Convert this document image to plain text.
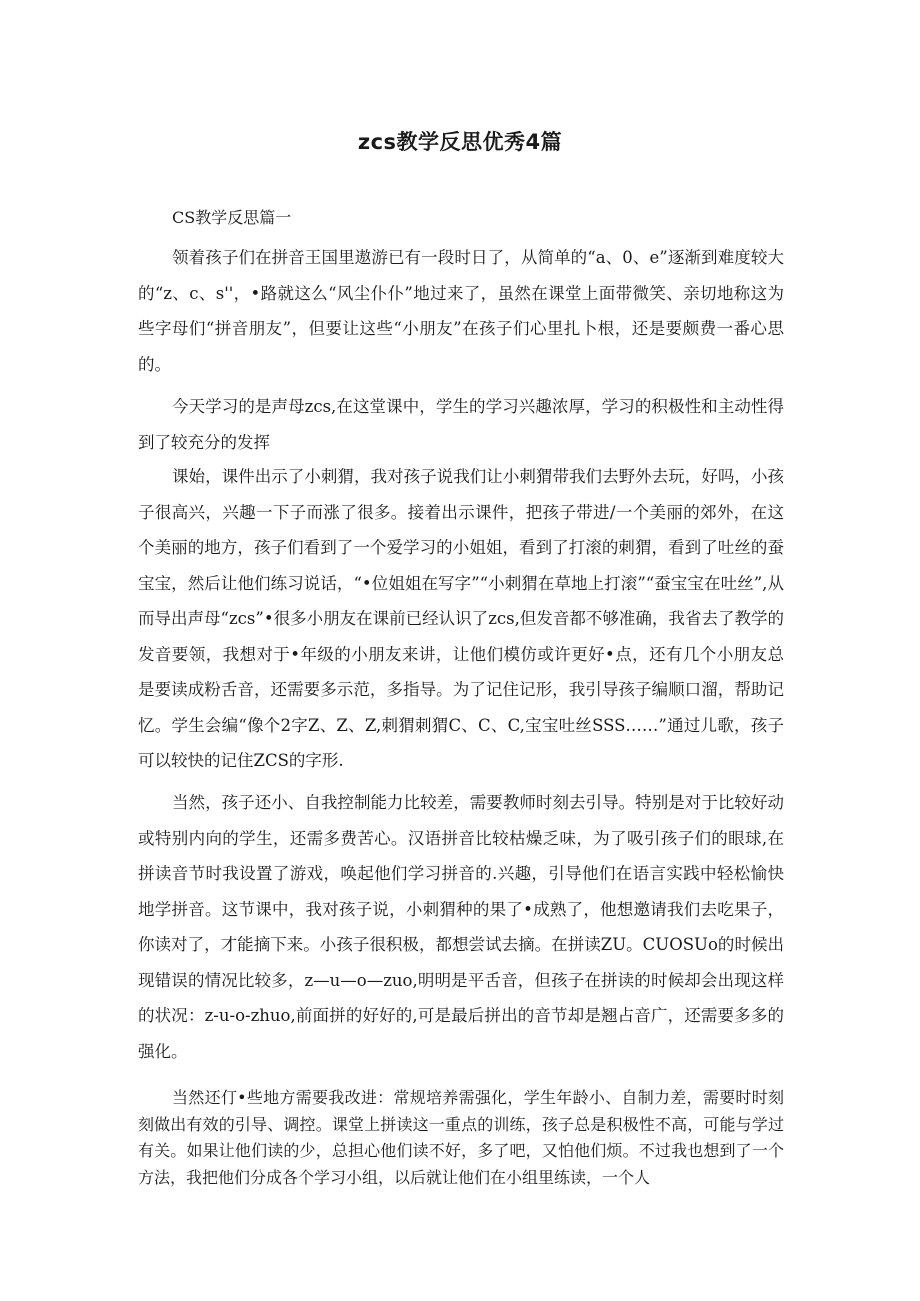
zcs教学反思优秀4篇

CS教学反思篇一

领着孩子们在拼音王国里遨游已有一段时日了，从简单的“a、0、e”逐渐到难度较大的“z、c、s''，•路就这么“风尘仆仆”地过来了，虽然在课堂上面带微笑、亲切地称这为些字母们“拼音朋友”，但要让这些“小朋友”在孩子们心里扎卜根，还是要颇费一番心思的。

今天学习的是声母zcs,在这堂课中，学生的学习兴趣浓厚，学习的积极性和主动性得到了较充分的发挥

课始，课件出示了小刺猬，我对孩子说我们让小刺猬带我们去野外去玩，好吗，小孩子很高兴，兴趣一下子而涨了很多。接着出示课件，把孩子带进/一个美丽的郊外，在这个美丽的地方，孩子们看到了一个爱学习的小姐姐，看到了打滚的刺猬，看到了吐丝的蚕宝宝，然后让他们练习说话，“•位姐姐在写字”“小刺猬在草地上打滚”“蚕宝宝在吐丝”,从而导出声母“zcs”•很多小朋友在课前已经认识了zcs,但发音都不够准确，我省去了教学的发音要领，我想对于•年级的小朋友来讲，让他们模仿或许更好•点，还有几个小朋友总是要读成粉舌音，还需要多示范，多指导。为了记住记形，我引导孩子编顺口溜，帮助记忆。学生会编“像个2字Z、Z、Z,刺猬刺猬C、C、C,宝宝吐丝SSS……”通过儿歌，孩子可以较快的记住ZCS的字形.

当然，孩子还小、自我控制能力比较差，需要教师时刻去引导。特别是对于比较好动或特别内向的学生，还需多费苦心。汉语拼音比较枯燥乏味，为了吸引孩子们的眼球,在拼读音节时我设置了游戏，唤起他们学习拼音的.兴趣，引导他们在语言实践中轻松愉快地学拼音。这节课中，我对孩子说，小刺猬种的果了•成熟了，他想邀请我们去吃果子，你读对了，才能摘下来。小孩子很积极，都想尝试去摘。在拼读ZU。CUOSUo的时候出现错误的情况比较多，z—u—o—zuo,明明是平舌音，但孩子在拼读的时候却会出现这样的状况：z-u-o-zhuo,前面拼的好好的,可是最后拼出的音节却是翘占音广，还需要多多的强化。

当然还仃•些地方需要我改进：常规培养需强化，学生年龄小、自制力差，需要时时刻刻做出有效的引导、调控。课堂上拼读这一重点的训练，孩子总是积极性不高，可能与学过有关。如果让他们读的少，总担心他们读不好，多了吧，又怕他们烦。不过我也想到了一个方法，我把他们分成各个学习小组，以后就让他们在小组里练读，一个人
